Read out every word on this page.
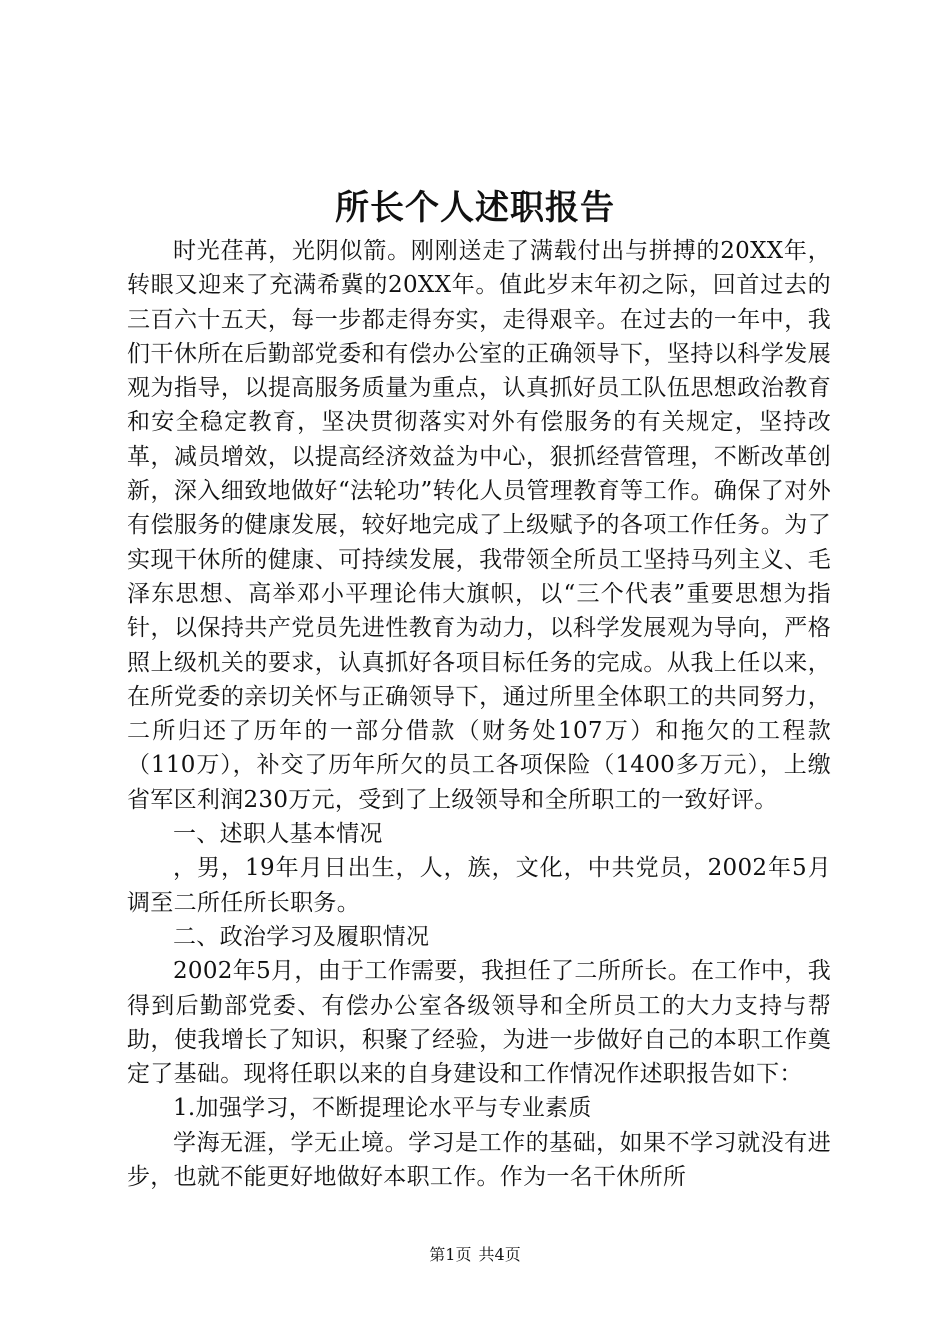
所长个人述职报告

时光荏苒，光阴似箭。刚刚送走了满载付出与拼搏的20XX年，转眼又迎来了充满希冀的20XX年。值此岁末年初之际，回首过去的三百六十五天，每一步都走得夯实，走得艰辛。在过去的一年中，我们干休所在后勤部党委和有偿办公室的正确领导下，坚持以科学发展观为指导，以提高服务质量为重点，认真抓好员工队伍思想政治教育和安全稳定教育，坚决贯彻落实对外有偿服务的有关规定，坚持改革，减员增效，以提高经济效益为中心，狠抓经营管理，不断改革创新，深入细致地做好“法轮功”转化人员管理教育等工作。确保了对外有偿服务的健康发展，较好地完成了上级赋予的各项工作任务。为了实现干休所的健康、可持续发展，我带领全所员工坚持马列主义、毛泽东思想、高举邓小平理论伟大旗帜，以“三个代表”重要思想为指针，以保持共产党员先进性教育为动力，以科学发展观为导向，严格照上级机关的要求，认真抓好各项目标任务的完成。从我上任以来，在所党委的亲切关怀与正确领导下，通过所里全体职工的共同努力，二所归还了历年的一部分借款（财务处107万）和拖欠的工程款（110万），补交了历年所欠的员工各项保险（1400多万元），上缴省军区利润230万元，受到了上级领导和全所职工的一致好评。

一、述职人基本情况

，男，19年月日出生，人，族，文化，中共党员，2002年5月调至二所任所长职务。

二、政治学习及履职情况

2002年5月，由于工作需要，我担任了二所所长。在工作中，我得到后勤部党委、有偿办公室各级领导和全所员工的大力支持与帮助，使我增长了知识，积聚了经验，为进一步做好自己的本职工作奠定了基础。现将任职以来的自身建设和工作情况作述职报告如下：

1.加强学习，不断提理论水平与专业素质

学海无涯，学无止境。学习是工作的基础，如果不学习就没有进步，也就不能更好地做好本职工作。作为一名干休所所

第1页 共4页
